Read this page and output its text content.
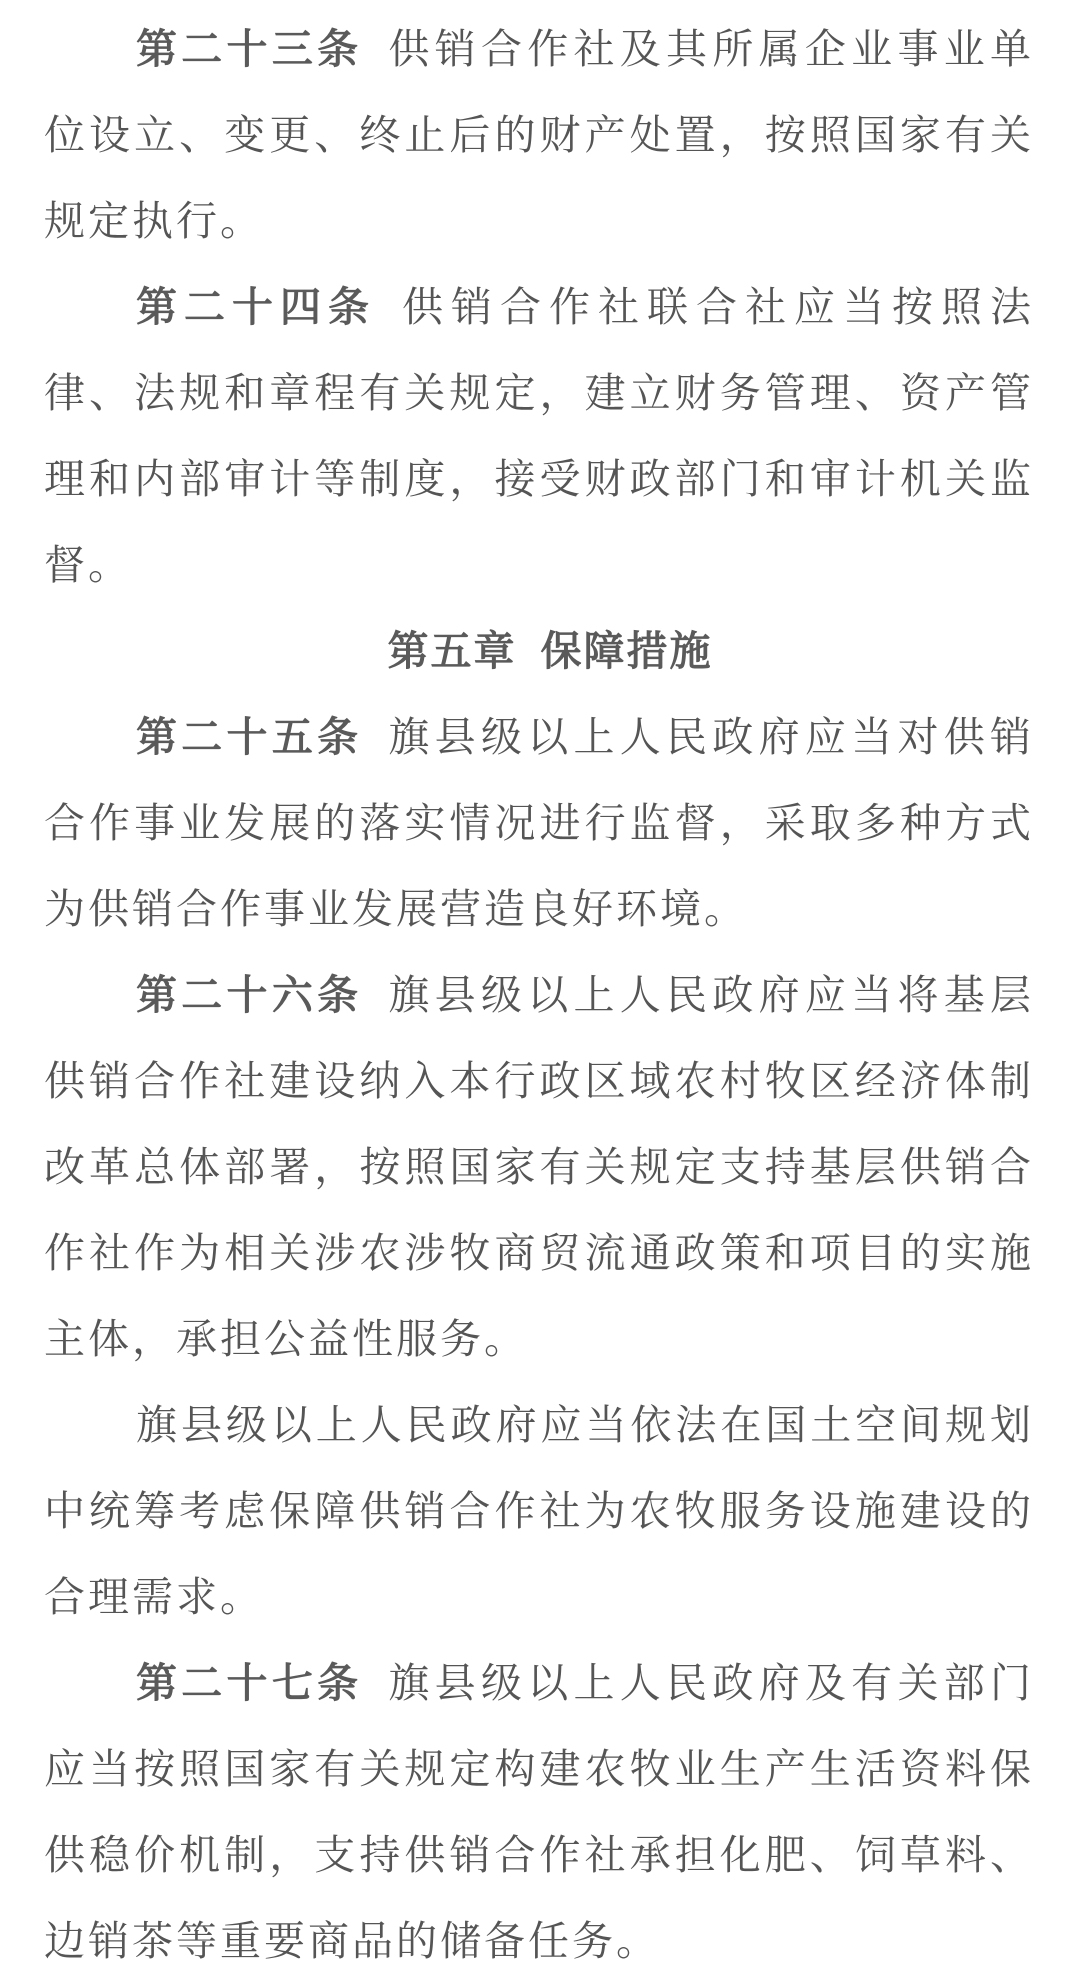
第二十三条 供销合作社及其所属企业事业单位设立、变更、终止后的财产处置，按照国家有关规定执行。

第二十四条 供销合作社联合社应当按照法律、法规和章程有关规定，建立财务管理、资产管理和内部审计等制度，接受财政部门和审计机关监督。

第五章 保障措施

第二十五条 旗县级以上人民政府应当对供销合作事业发展的落实情况进行监督，采取多种方式为供销合作事业发展营造良好环境。

第二十六条 旗县级以上人民政府应当将基层供销合作社建设纳入本行政区域农村牧区经济体制改革总体部署，按照国家有关规定支持基层供销合作社作为相关涉农涉牧商贸流通政策和项目的实施主体，承担公益性服务。

旗县级以上人民政府应当依法在国土空间规划中统筹考虑保障供销合作社为农牧服务设施建设的合理需求。

第二十七条 旗县级以上人民政府及有关部门应当按照国家有关规定构建农牧业生产生活资料保供稳价机制，支持供销合作社承担化肥、饲草料、边销茶等重要商品的储备任务。
